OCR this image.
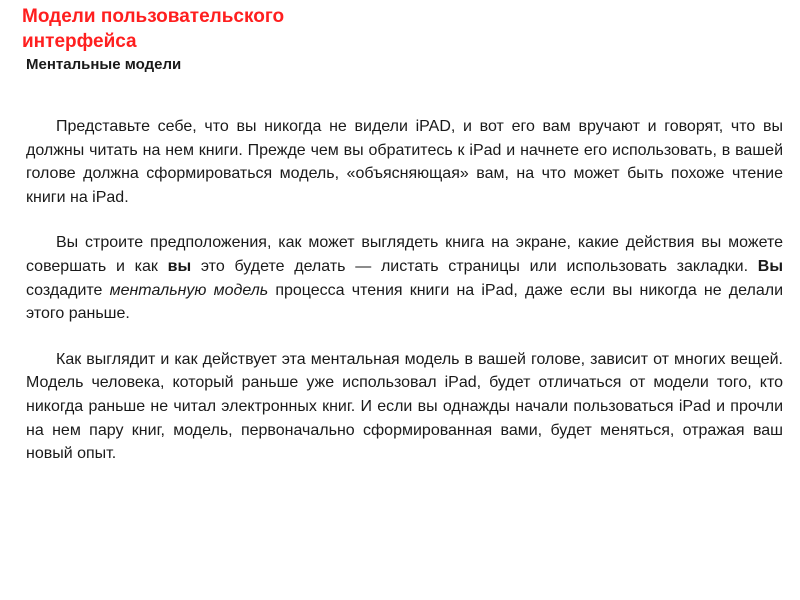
Модели пользовательского интерфейса
Ментальные модели

Представьте себе, что вы никогда не видели iPAD, и вот его вам вручают и говорят, что вы должны читать на нем книги. Прежде чем вы обратитесь к iPad и начнете его использовать, в вашей голове должна сформироваться модель, «объясняющая» вам, на что может быть похоже чтение книги на iPad.

Вы строите предположения, как может выглядеть книга на экране, какие действия вы можете совершать и как вы это будете делать — листать страницы или использовать закладки. Вы создадите ментальную модель процесса чтения книги на iPad, даже если вы никогда не делали этого раньше.

Как выглядит и как действует эта ментальная модель в вашей голове, зависит от многих вещей. Модель человека, который раньше уже использовал iPad, будет отличаться от модели того, кто никогда раньше не читал электронных книг. И если вы однажды начали пользоваться iPad и прочли на нем пару книг, модель, первоначально сформированная вами, будет меняться, отражая ваш новый опыт.
